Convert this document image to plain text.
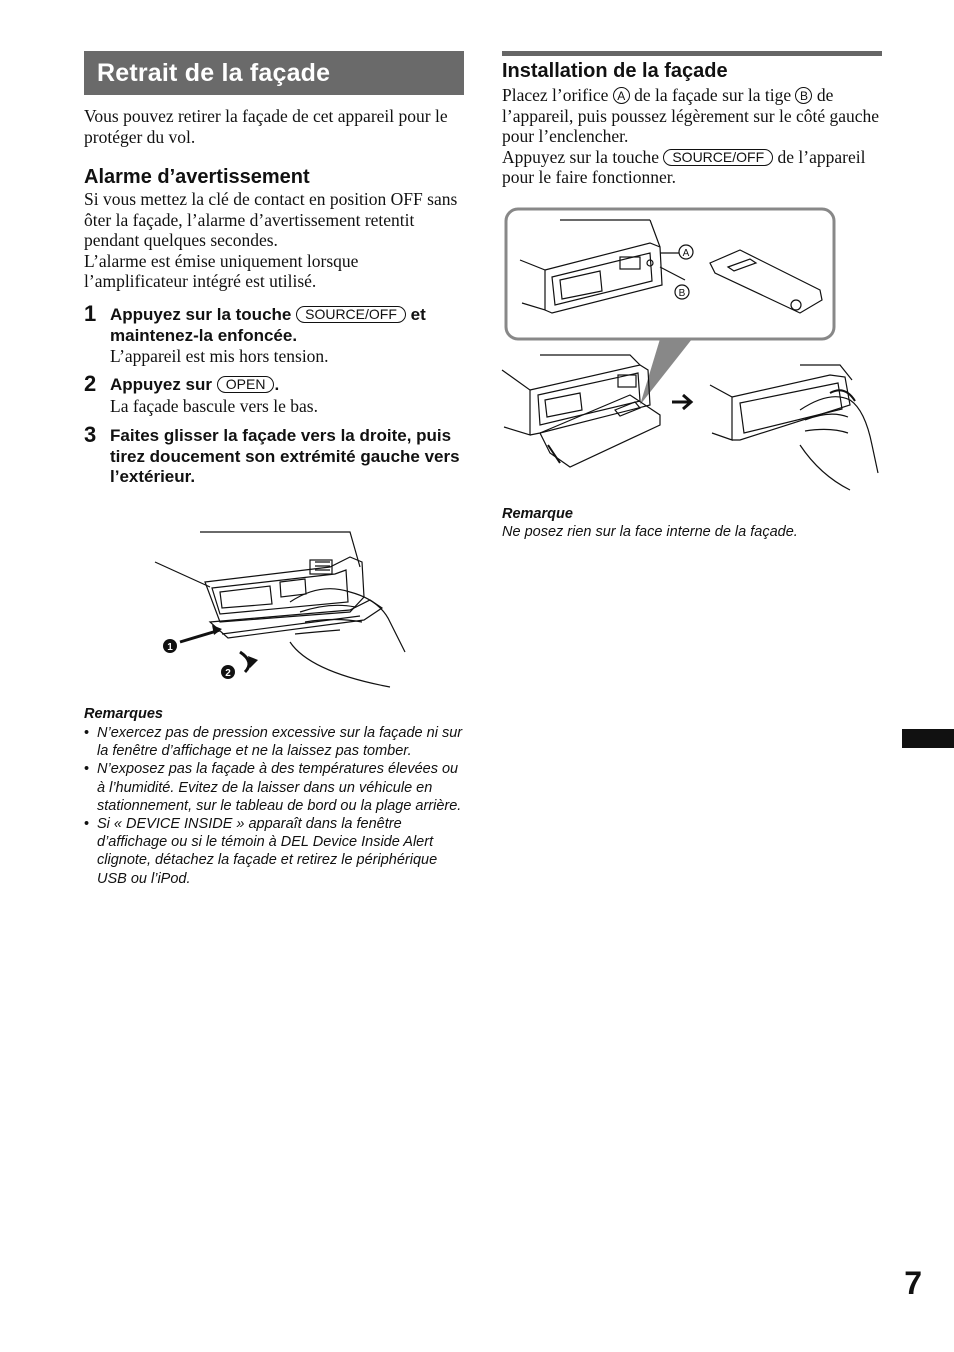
Retrait de la façade
Vous pouvez retirer la façade de cet appareil pour le protéger du vol.
Alarme d’avertissement
Si vous mettez la clé de contact en position OFF sans ôter la façade, l’alarme d’avertissement retentit pendant quelques secondes.
L’alarme est émise uniquement lorsque l’amplificateur intégré est utilisé.
1 Appuyez sur la touche SOURCE/OFF et maintenez-la enfoncée.
L’appareil est mis hors tension.
2 Appuyez sur OPEN .
La façade bascule vers le bas.
3 Faites glisser la façade vers la droite, puis tirez doucement son extrémité gauche vers l’extérieur.
1
2
Remarques
• N’exercez pas de pression excessive sur la façade ni sur la fenêtre d’affichage et ne la laissez pas tomber.
• N’exposez pas la façade à des températures élevées ou à l’humidité. Evitez de la laisser dans un véhicule en stationnement, sur le tableau de bord ou la plage arrière.
• Si « DEVICE INSIDE » apparaît dans la fenêtre d’affichage ou si le témoin à DEL Device Inside Alert clignote, détachez la façade et retirez le périphérique USB ou l’iPod.
Installation de la façade
Placez l’orifice A de la façade sur la tige B de l’appareil, puis poussez légèrement sur le côté gauche pour l’enclencher.
Appuyez sur la touche SOURCE/OFF de l’appareil pour le faire fonctionner.
A
B
Remarque
Ne posez rien sur la face interne de la façade.
7
